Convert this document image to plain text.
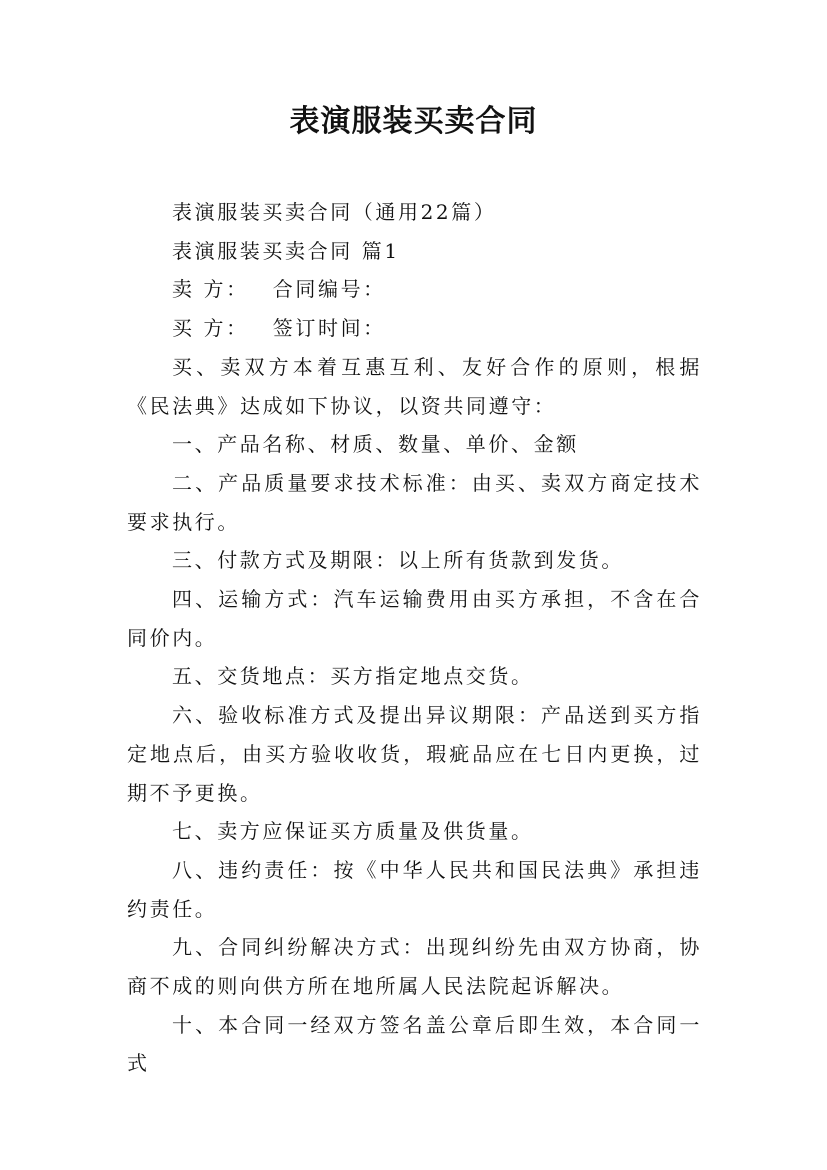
表演服装买卖合同

表演服装买卖合同（通用22篇）

表演服装买卖合同 篇1

卖 方： 合同编号：

买 方： 签订时间：

买、卖双方本着互惠互利、友好合作的原则，根据《民法典》达成如下协议，以资共同遵守：

一、产品名称、材质、数量、单价、金额

二、产品质量要求技术标准：由买、卖双方商定技术要求执行。

三、付款方式及期限：以上所有货款到发货。

四、运输方式：汽车运输费用由买方承担，不含在合同价内。

五、交货地点：买方指定地点交货。

六、验收标准方式及提出异议期限：产品送到买方指定地点后，由买方验收收货，瑕疵品应在七日内更换，过期不予更换。

七、卖方应保证买方质量及供货量。

八、违约责任：按《中华人民共和国民法典》承担违约责任。

九、合同纠纷解决方式：出现纠纷先由双方协商，协商不成的则向供方所在地所属人民法院起诉解决。

十、本合同一经双方签名盖公章后即生效，本合同一式
